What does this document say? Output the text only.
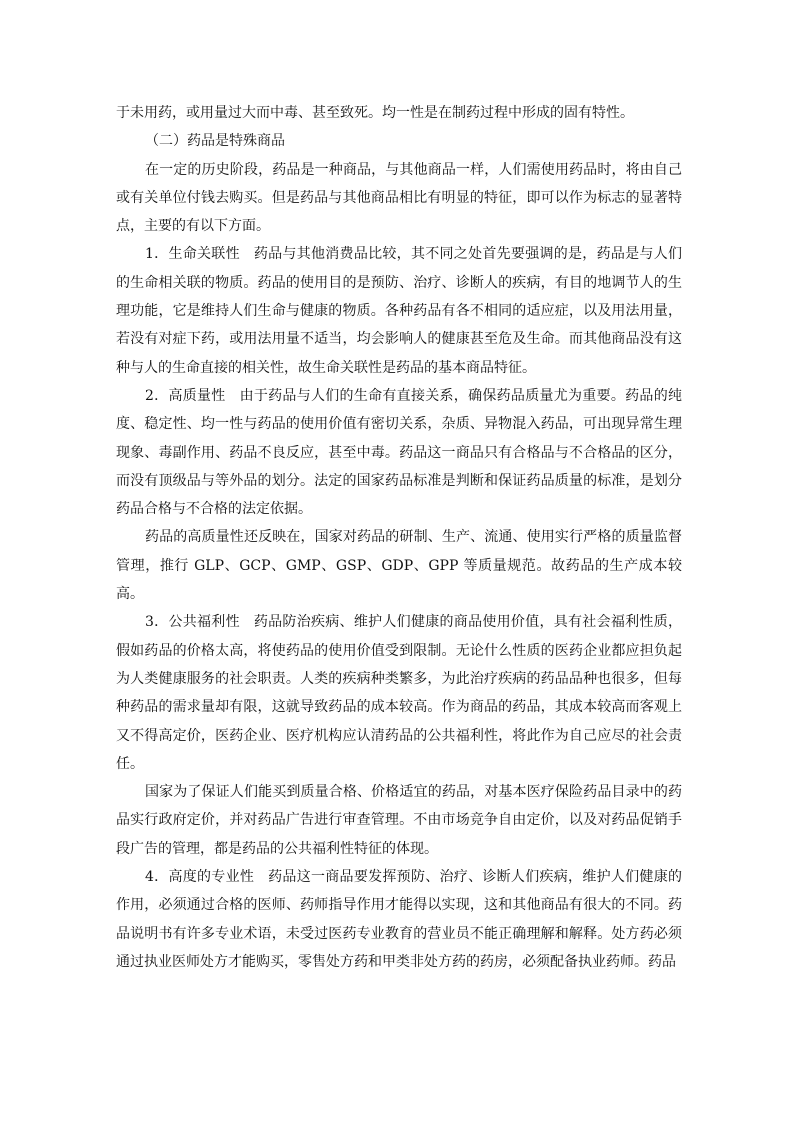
于未用药，或用量过大而中毒、甚至致死。均一性是在制药过程中形成的固有特性。

（二）药品是特殊商品

在一定的历史阶段，药品是一种商品，与其他商品一样，人们需使用药品时，将由自己或有关单位付钱去购买。但是药品与其他商品相比有明显的特征，即可以作为标志的显著特点，主要的有以下方面。

1．生命关联性 药品与其他消费品比较，其不同之处首先要强调的是，药品是与人们的生命相关联的物质。药品的使用目的是预防、治疗、诊断人的疾病，有目的地调节人的生理功能，它是维持人们生命与健康的物质。各种药品有各不相同的适应症，以及用法用量，若没有对症下药，或用法用量不适当，均会影响人的健康甚至危及生命。而其他商品没有这种与人的生命直接的相关性，故生命关联性是药品的基本商品特征。

2．高质量性 由于药品与人们的生命有直接关系，确保药品质量尤为重要。药品的纯度、稳定性、均一性与药品的使用价值有密切关系，杂质、异物混入药品，可出现异常生理现象、毒副作用、药品不良反应，甚至中毒。药品这一商品只有合格品与不合格品的区分，而没有顶级品与等外品的划分。法定的国家药品标准是判断和保证药品质量的标准，是划分药品合格与不合格的法定依据。

药品的高质量性还反映在，国家对药品的研制、生产、流通、使用实行严格的质量监督管理，推行 GLP、GCP、GMP、GSP、GDP、GPP 等质量规范。故药品的生产成本较高。

3．公共福利性 药品防治疾病、维护人们健康的商品使用价值，具有社会福利性质，假如药品的价格太高，将使药品的使用价值受到限制。无论什么性质的医药企业都应担负起为人类健康服务的社会职责。人类的疾病种类繁多，为此治疗疾病的药品品种也很多，但每种药品的需求量却有限，这就导致药品的成本较高。作为商品的药品，其成本较高而客观上又不得高定价，医药企业、医疗机构应认清药品的公共福利性，将此作为自己应尽的社会责任。

国家为了保证人们能买到质量合格、价格适宜的药品，对基本医疗保险药品目录中的药品实行政府定价，并对药品广告进行审查管理。不由市场竞争自由定价，以及对药品促销手段广告的管理，都是药品的公共福利性特征的体现。

4．高度的专业性 药品这一商品要发挥预防、治疗、诊断人们疾病，维护人们健康的作用，必须通过合格的医师、药师指导作用才能得以实现，这和其他商品有很大的不同。药品说明书有许多专业术语，未受过医药专业教育的营业员不能正确理解和解释。处方药必须通过执业医师处方才能购买，零售处方药和甲类非处方药的药房，必须配备执业药师。药品
